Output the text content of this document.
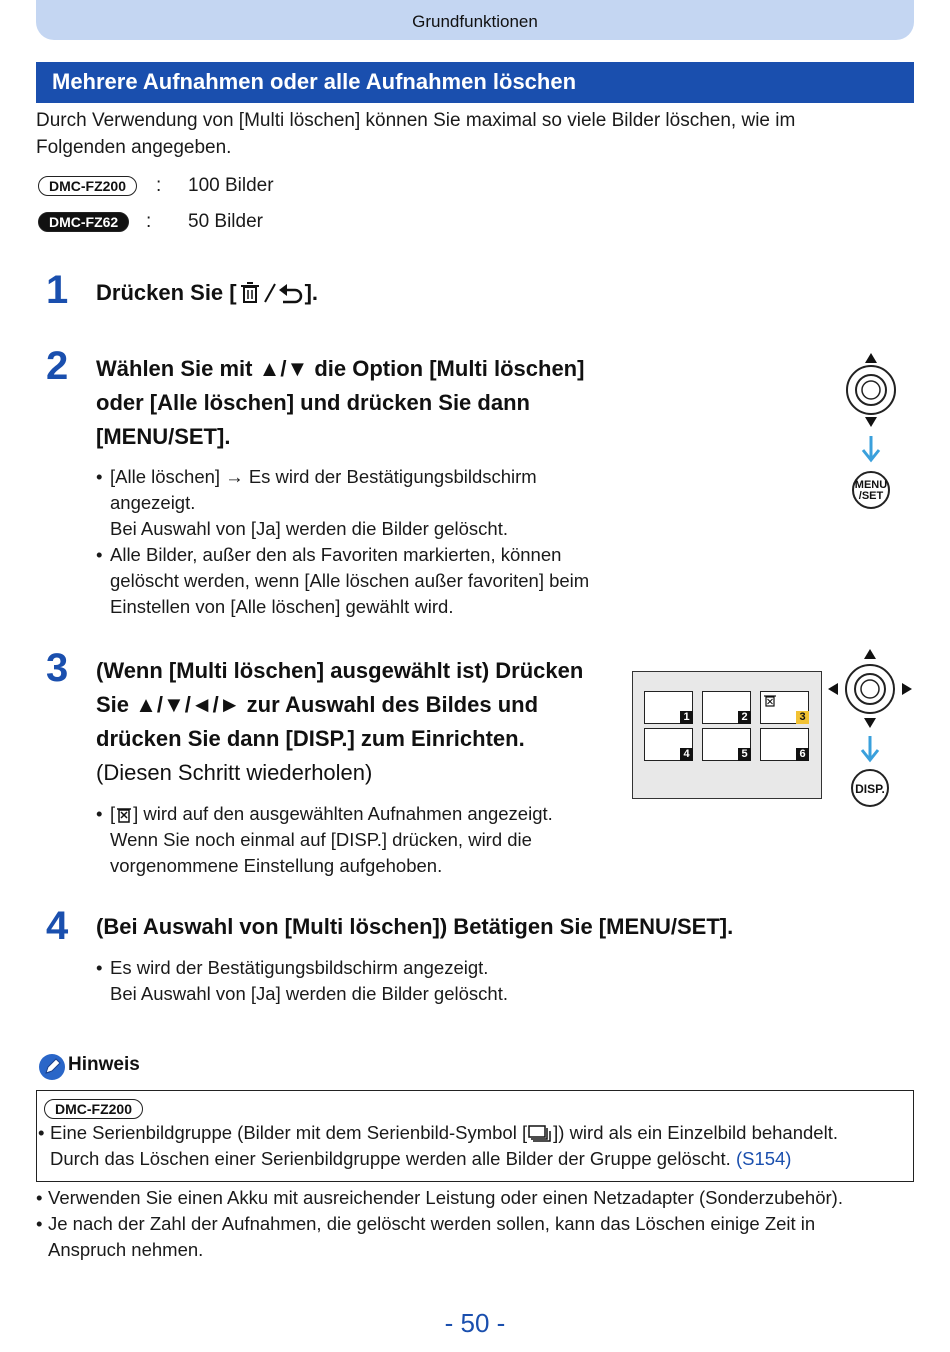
Grundfunktionen
Mehrere Aufnahmen oder alle Aufnahmen löschen
Durch Verwendung von [Multi löschen] können Sie maximal so viele Bilder löschen, wie im
Folgenden angegeben.
DMC-FZ200	: 100 Bilder
DMC-FZ62	: 50 Bilder
1 Drücken Sie [	].
2 Wählen Sie mit ▲/▼ die Option [Multi löschen]
oder [Alle löschen] und drücken Sie dann
[MENU/SET].
• [Alle löschen] → Es wird der Bestätigungsbildschirm
angezeigt.
Bei Auswahl von [Ja] werden die Bilder gelöscht.
• Alle Bilder, außer den als Favoriten markierten, können
gelöscht werden, wenn [Alle löschen außer favoriten] beim
Einstellen von [Alle löschen] gewählt wird.
MENU
/SET
3 (Wenn [Multi löschen] ausgewählt ist) Drücken
Sie ▲/▼/◄/► zur Auswahl des Bildes und
drücken Sie dann [DISP.] zum Einrichten.
(Diesen Schritt wiederholen)
• [ ] wird auf den ausgewählten Aufnahmen angezeigt.
Wenn Sie noch einmal auf [DISP.] drücken, wird die
vorgenommene Einstellung aufgehoben.
1	2	3
4	5	6
DISP.
4 (Bei Auswahl von [Multi löschen]) Betätigen Sie [MENU/SET].
• Es wird der Bestätigungsbildschirm angezeigt.
Bei Auswahl von [Ja] werden die Bilder gelöscht.
Hinweis
DMC-FZ200
• Eine Serienbildgruppe (Bilder mit dem Serienbild-Symbol [ ]) wird als ein Einzelbild behandelt.
Durch das Löschen einer Serienbildgruppe werden alle Bilder der Gruppe gelöscht. (S154)
• Verwenden Sie einen Akku mit ausreichender Leistung oder einen Netzadapter (Sonderzubehör).
• Je nach der Zahl der Aufnahmen, die gelöscht werden sollen, kann das Löschen einige Zeit in
Anspruch nehmen.
- 50 -
